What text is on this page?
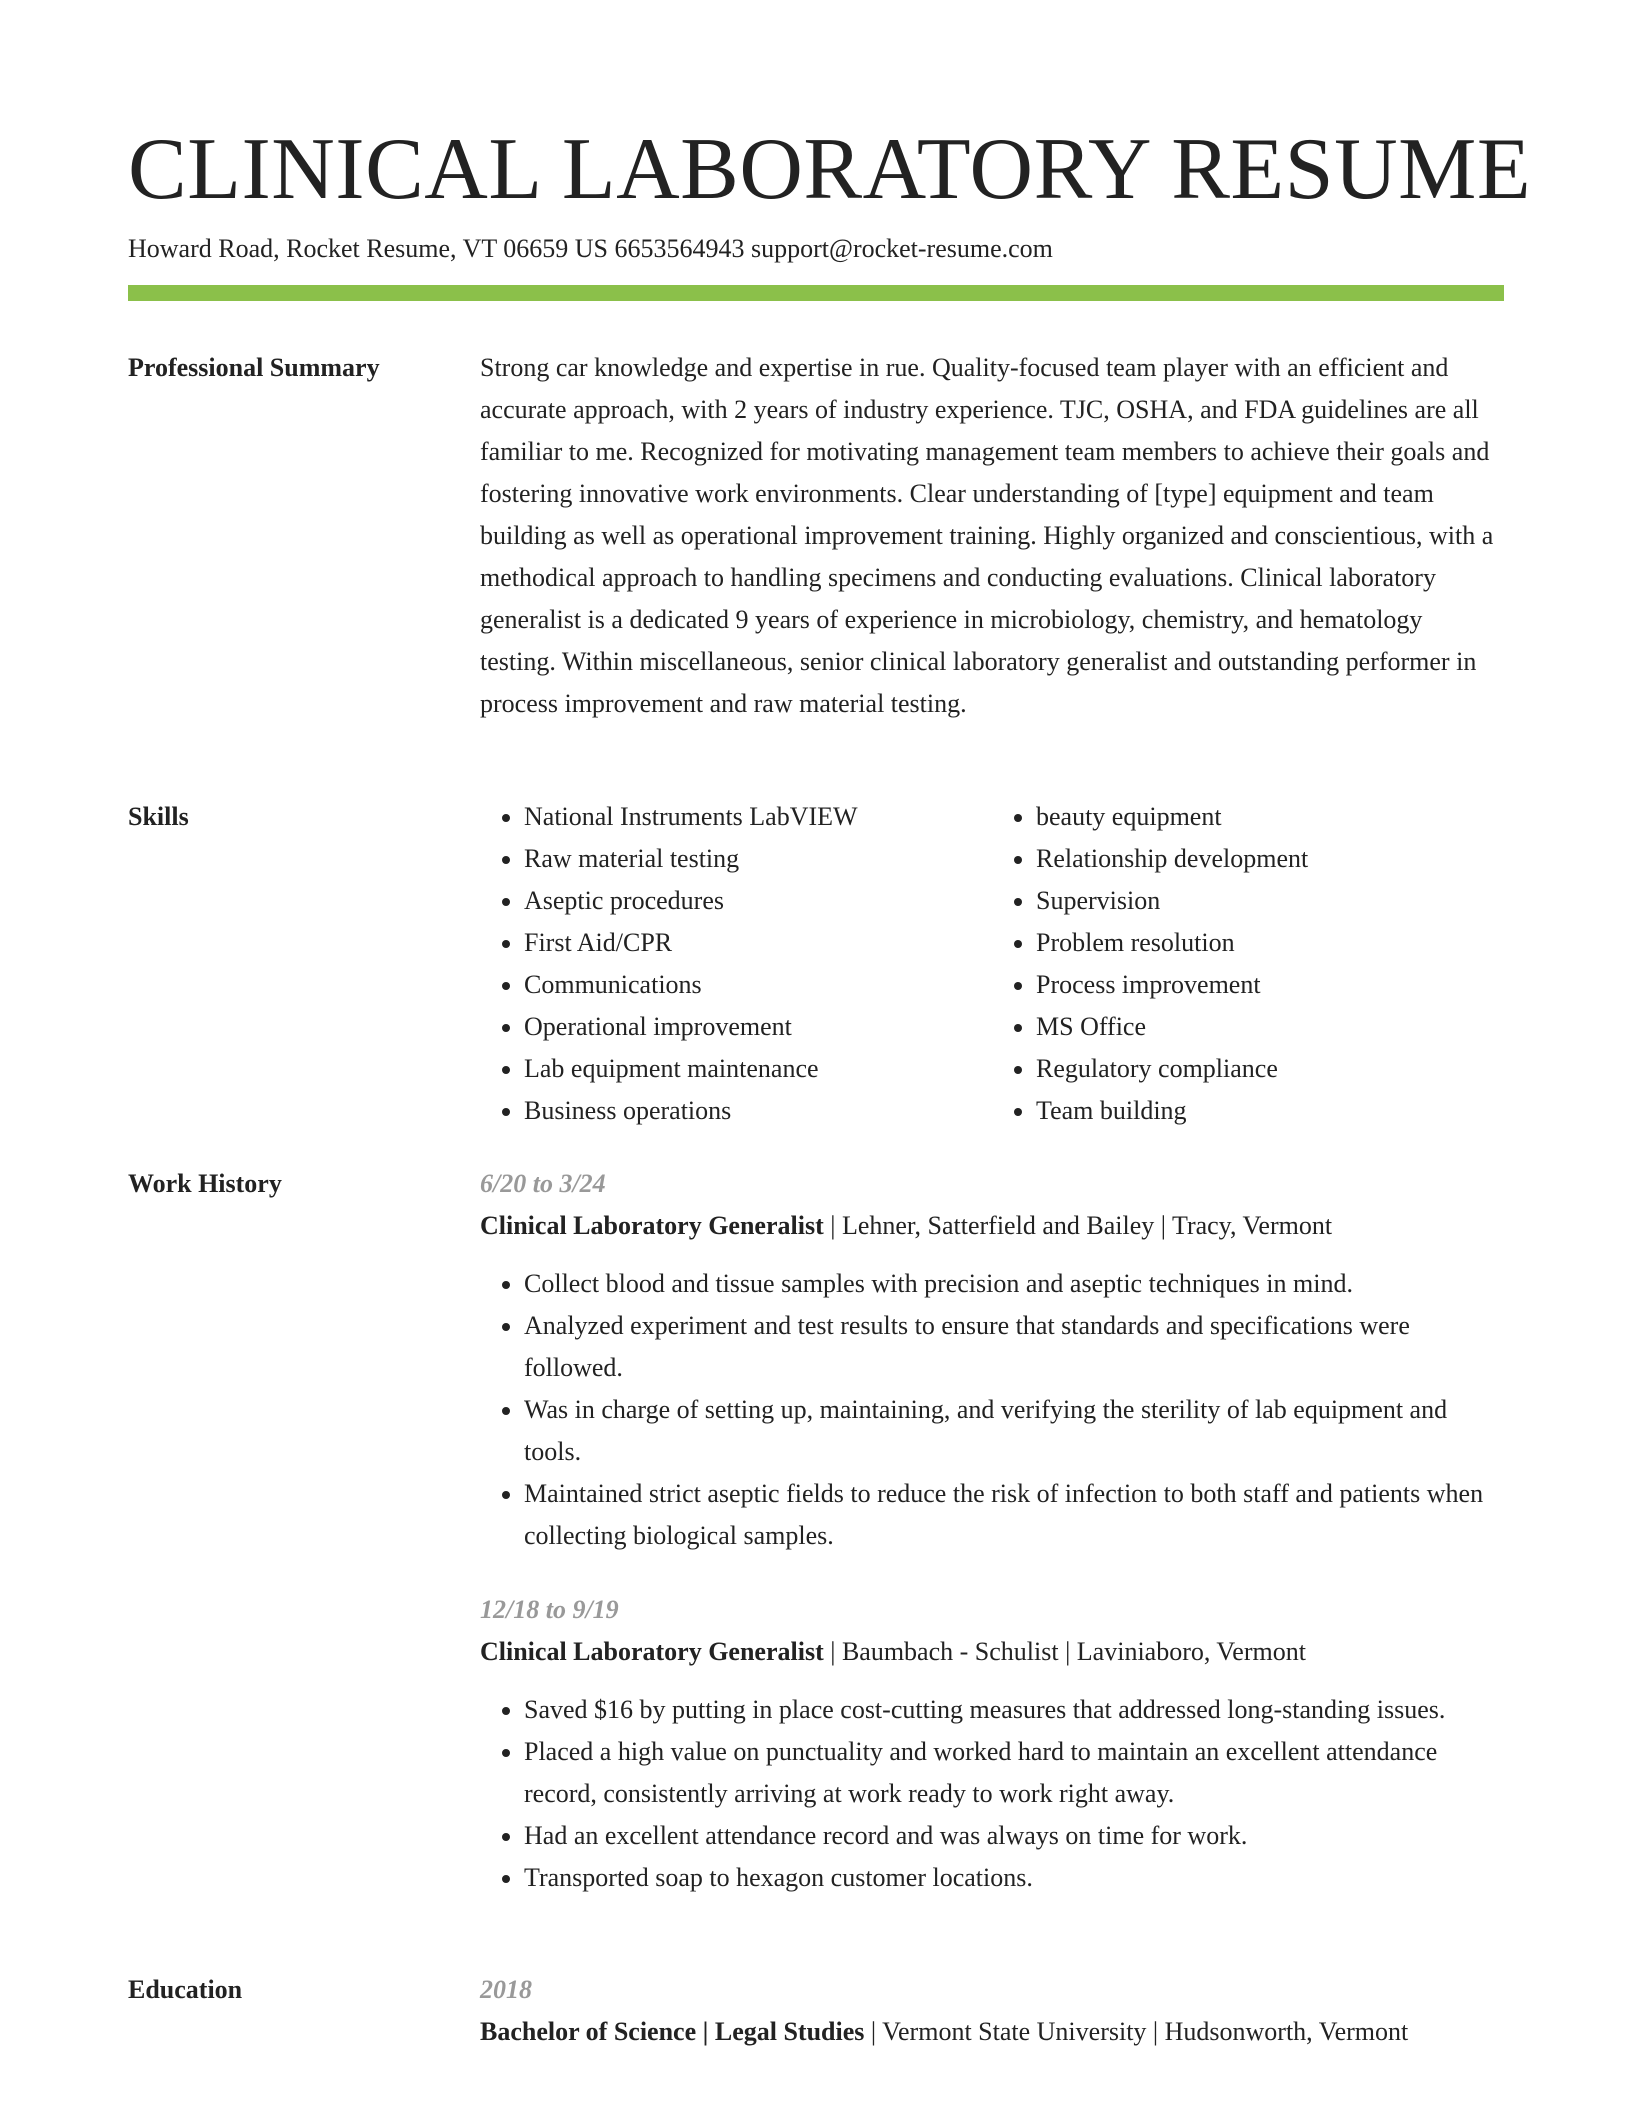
CLINICAL LABORATORY RESUME
Howard Road, Rocket Resume, VT 06659 US 6653564943 support@rocket-resume.com
Professional Summary	Strong car knowledge and expertise in rue. Quality-focused team player with an efficient and accurate approach, with 2 years of industry experience. TJC, OSHA, and FDA guidelines are all familiar to me. Recognized for motivating management team members to achieve their goals and fostering innovative work environments. Clear understanding of [type] equipment and team building as well as operational improvement training. Highly organized and conscientious, with a methodical approach to handling specimens and conducting evaluations. Clinical laboratory generalist is a dedicated 9 years of experience in microbiology, chemistry, and hematology testing. Within miscellaneous, senior clinical laboratory generalist and outstanding performer in process improvement and raw material testing.

Skills
•	National Instruments LabVIEW
• Raw material testing
• Aseptic procedures
• First Aid/CPR
• Communications
• Operational improvement
• Lab equipment maintenance
• Business operations
• beauty equipment
• Relationship development
• Supervision
• Problem resolution
• Process improvement
• MS Office
• Regulatory compliance
• Team building
Work History	6/20 to 3/24

Clinical Laboratory Generalist | Lehner, Satterfield and Bailey | Tracy, Vermont

• Collect blood and tissue samples with precision and aseptic techniques in mind.
• Analyzed experiment and test results to ensure that standards and specifications were followed.
• Was in charge of setting up, maintaining, and verifying the sterility of lab equipment and tools.
• Maintained strict aseptic fields to reduce the risk of infection to both staff and patients when collecting biological samples.
12/18 to 9/19

Clinical Laboratory Generalist | Baumbach - Schulist | Laviniaboro, Vermont

• Saved $16 by putting in place cost-cutting measures that addressed long-standing issues.
• Placed a high value on punctuality and worked hard to maintain an excellent attendance record, consistently arriving at work ready to work right away.
• Had an excellent attendance record and was always on time for work.
• Transported soap to hexagon customer locations.
Education	2018

Bachelor of Science | Legal Studies | Vermont State University | Hudsonworth, Vermont
